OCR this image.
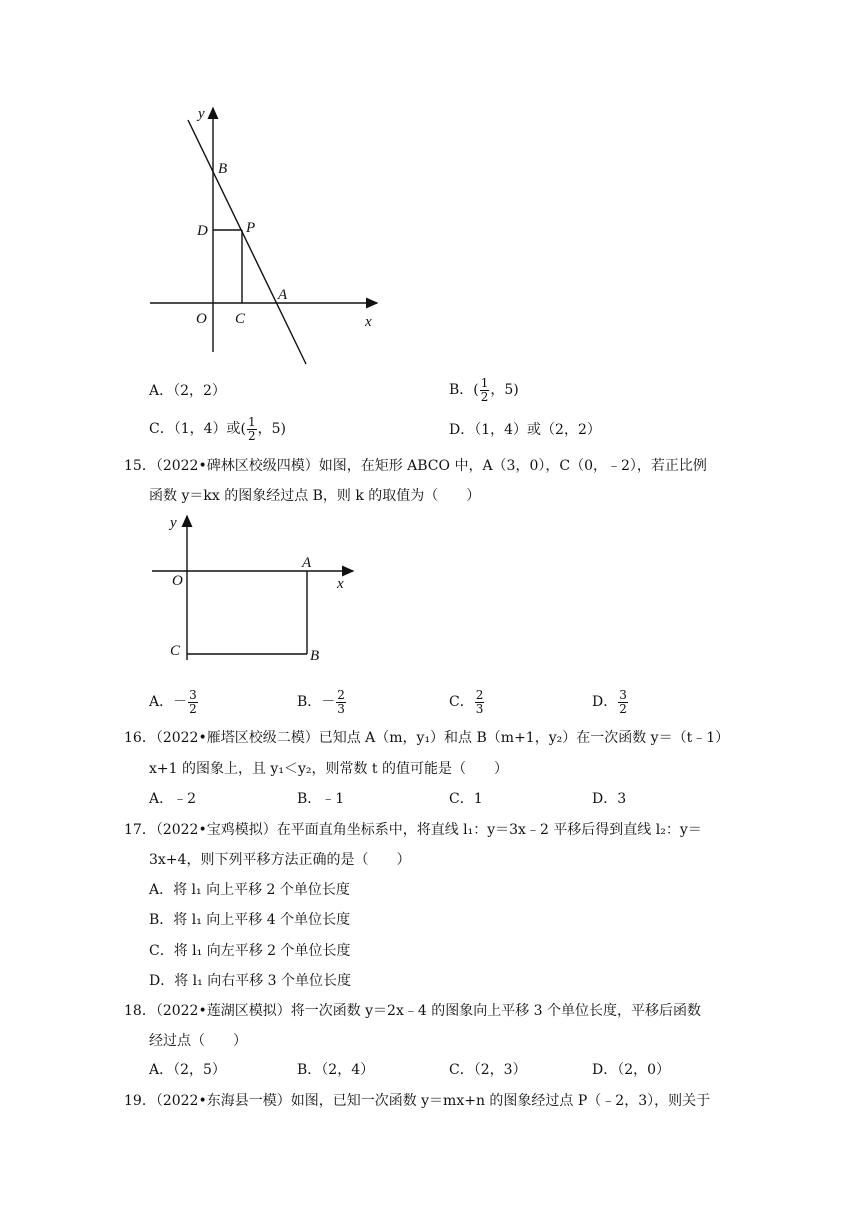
y
B
D	P
A
O C	x
A．（2，2）	B．( $\frac{1}{2}$ ，5)
C．（1，4）或( $\frac{1}{2}$ ，5)	D．（1，4）或（2，2）
15．（2022•碑林区校级四模）如图，在矩形 ABCO 中，A（3，0），C（0，﹣2），若正比例
函数 y＝kx 的图象经过点 B，则 k 的取值为（　　）
y
A
O	x
C	B
A．－ $\frac{3}{2}$	B．－ $\frac{2}{3}$	C． $\frac{2}{3}$	D． $\frac{3}{2}$
16．（2022•雁塔区校级二模）已知点 A（m，y₁）和点 B（m+1，y₂）在一次函数 y＝（t﹣1）
x+1 的图象上，且 y₁＜y₂，则常数 t 的值可能是（　　）
A．﹣2	B．﹣1	C．1	D．3
17．（2022•宝鸡模拟）在平面直角坐标系中，将直线 l₁：y＝3x﹣2 平移后得到直线 l₂：y＝
3x+4，则下列平移方法正确的是（　　）
A．将 l₁ 向上平移 2 个单位长度
B．将 l₁ 向上平移 4 个单位长度
C．将 l₁ 向左平移 2 个单位长度
D．将 l₁ 向右平移 3 个单位长度
18．（2022•莲湖区模拟）将一次函数 y＝2x﹣4 的图象向上平移 3 个单位长度，平移后函数
经过点（　　）
A．（2，5）	B．（2，4）	C．（2，3）	D．（2，0）
19．（2022•东海县一模）如图，已知一次函数 y＝mx+n 的图象经过点 P（﹣2，3），则关于
